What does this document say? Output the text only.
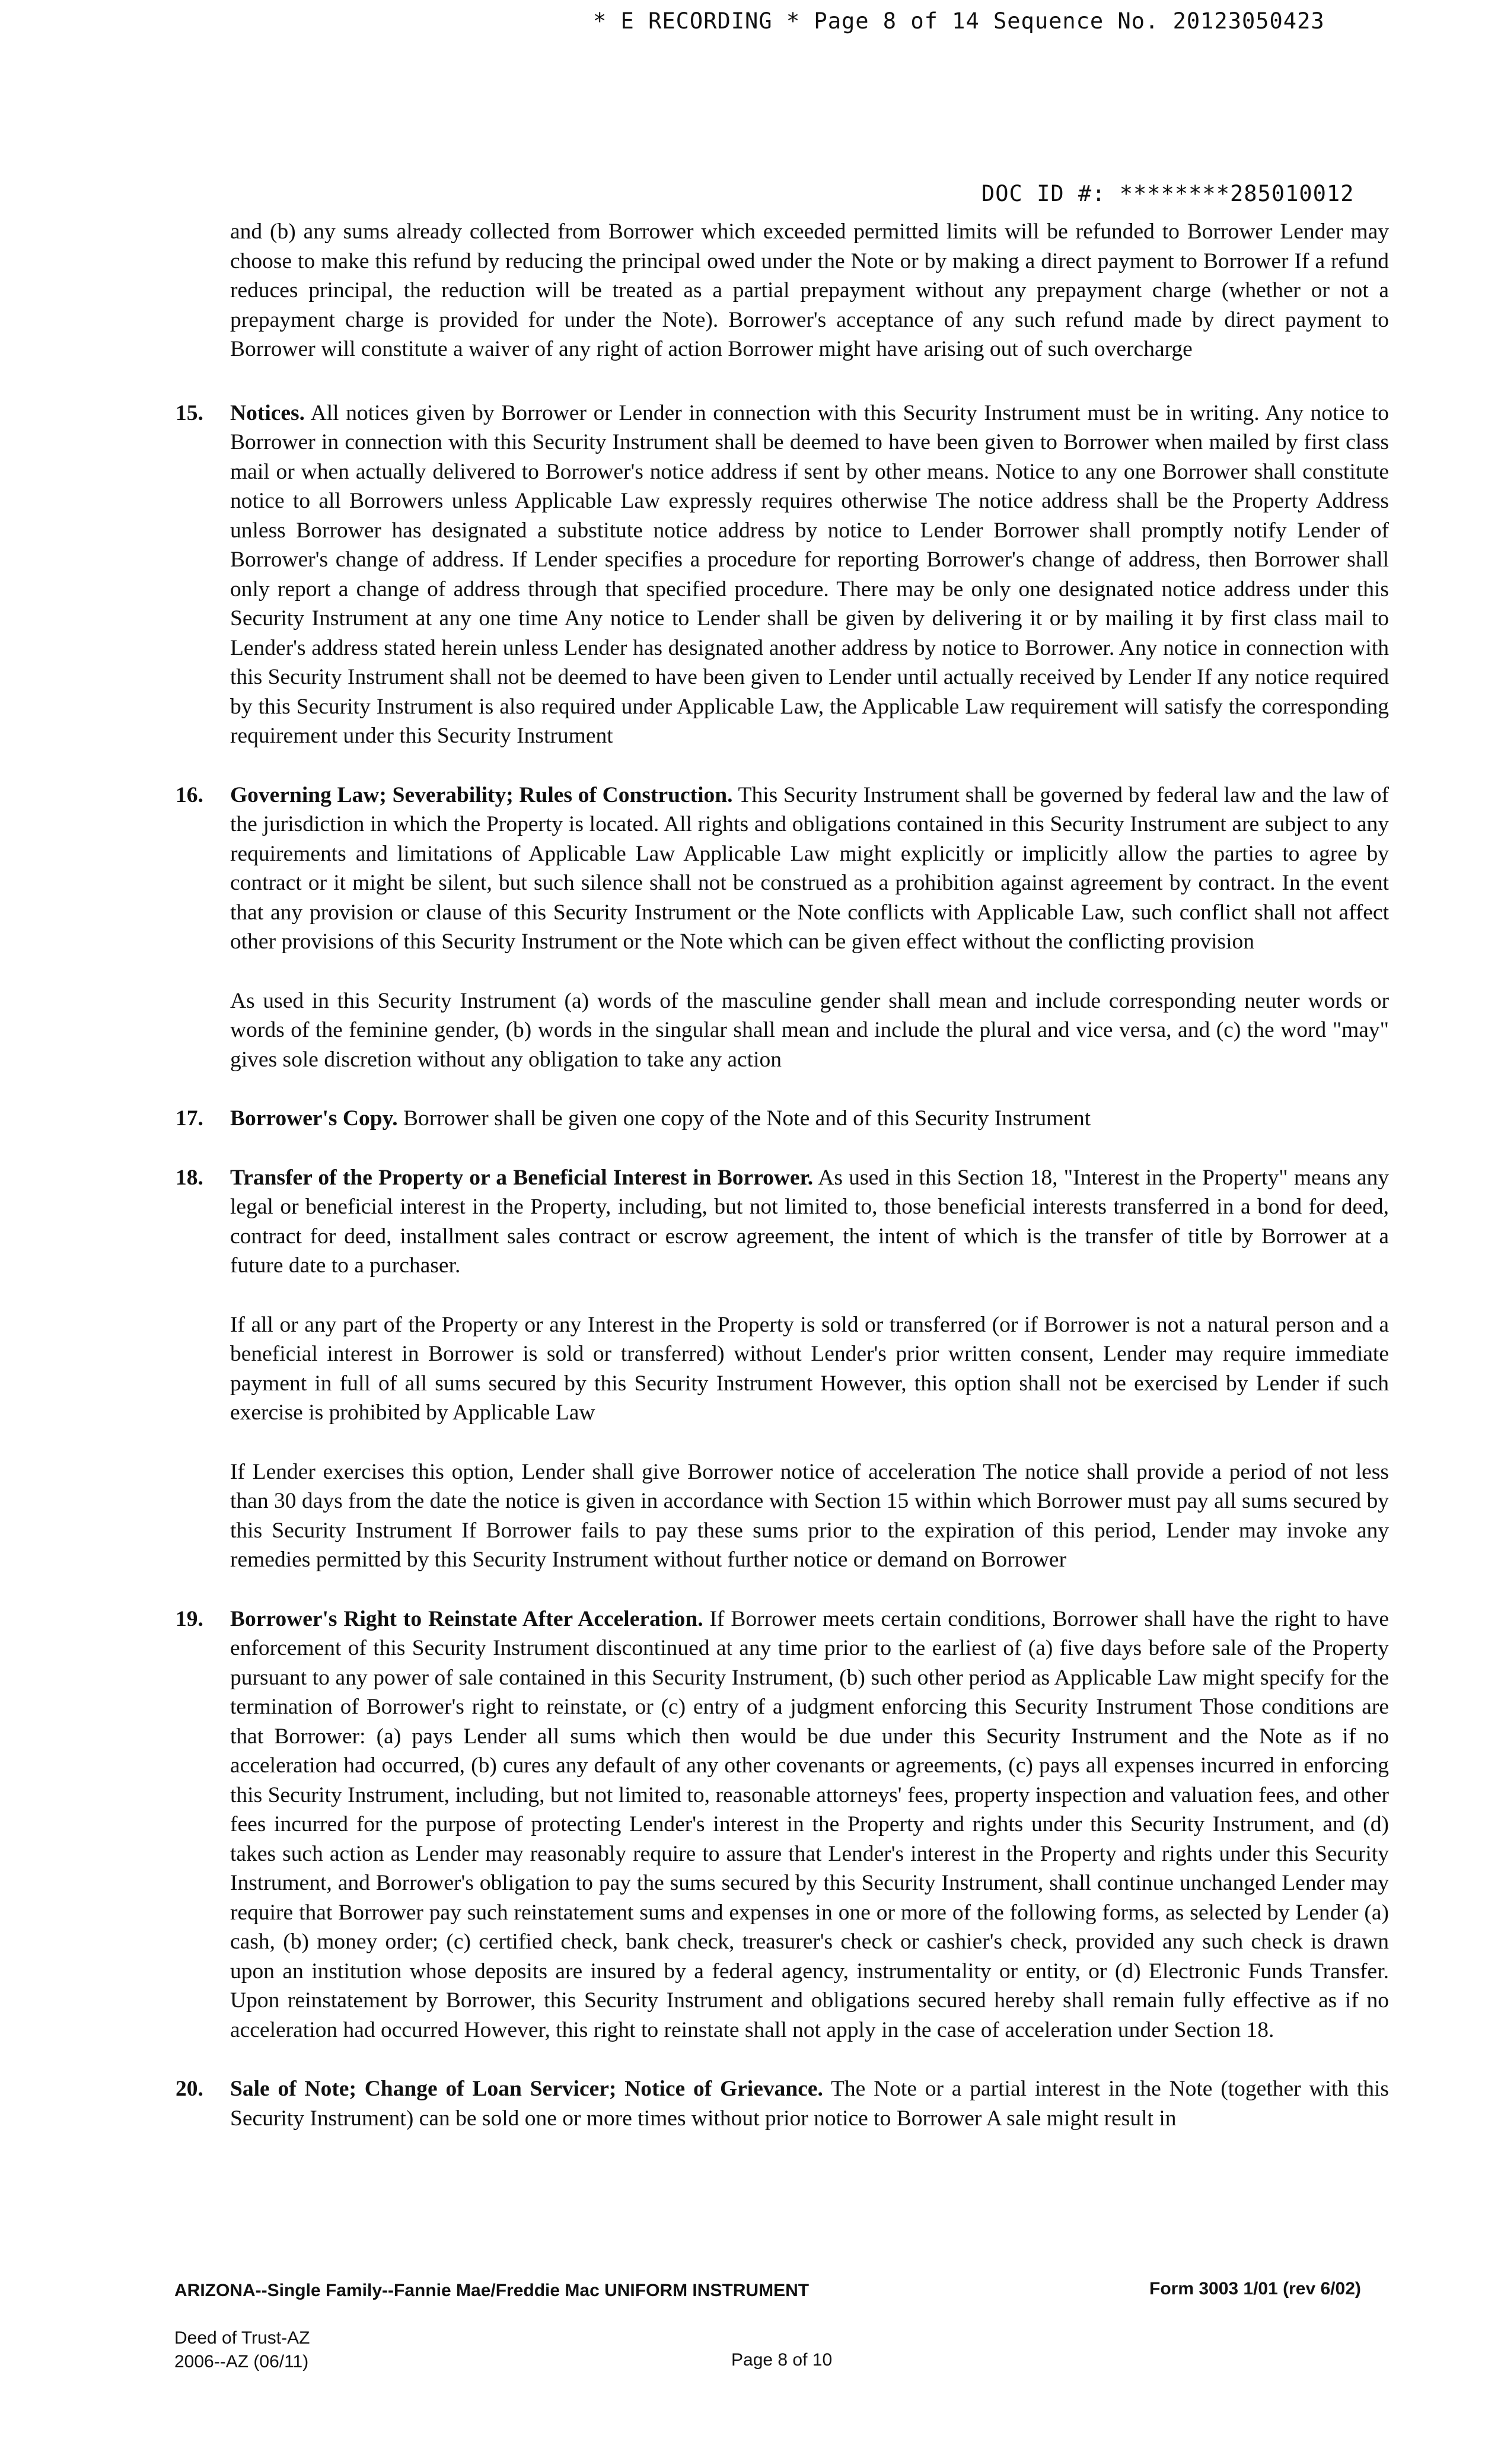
* E RECORDING * Page 8 of 14 Sequence No. 20123050423
DOC ID #: ********285010012

and (b) any sums already collected from Borrower which exceeded permitted limits will be refunded to Borrower Lender may choose to make this refund by reducing the principal owed under the Note or by making a direct payment to Borrower If a refund reduces principal, the reduction will be treated as a partial prepayment without any prepayment charge (whether or not a prepayment charge is provided for under the Note). Borrower's acceptance of any such refund made by direct payment to Borrower will constitute a waiver of any right of action Borrower might have arising out of such overcharge

15. Notices. All notices given by Borrower or Lender in connection with this Security Instrument must be in writing. Any notice to Borrower in connection with this Security Instrument shall be deemed to have been given to Borrower when mailed by first class mail or when actually delivered to Borrower's notice address if sent by other means. Notice to any one Borrower shall constitute notice to all Borrowers unless Applicable Law expressly requires otherwise The notice address shall be the Property Address unless Borrower has designated a substitute notice address by notice to Lender Borrower shall promptly notify Lender of Borrower's change of address. If Lender specifies a procedure for reporting Borrower's change of address, then Borrower shall only report a change of address through that specified procedure. There may be only one designated notice address under this Security Instrument at any one time Any notice to Lender shall be given by delivering it or by mailing it by first class mail to Lender's address stated herein unless Lender has designated another address by notice to Borrower. Any notice in connection with this Security Instrument shall not be deemed to have been given to Lender until actually received by Lender If any notice required by this Security Instrument is also required under Applicable Law, the Applicable Law requirement will satisfy the corresponding requirement under this Security Instrument

16. Governing Law; Severability; Rules of Construction. This Security Instrument shall be governed by federal law and the law of the jurisdiction in which the Property is located. All rights and obligations contained in this Security Instrument are subject to any requirements and limitations of Applicable Law Applicable Law might explicitly or implicitly allow the parties to agree by contract or it might be silent, but such silence shall not be construed as a prohibition against agreement by contract. In the event that any provision or clause of this Security Instrument or the Note conflicts with Applicable Law, such conflict shall not affect other provisions of this Security Instrument or the Note which can be given effect without the conflicting provision

As used in this Security Instrument (a) words of the masculine gender shall mean and include corresponding neuter words or words of the feminine gender, (b) words in the singular shall mean and include the plural and vice versa, and (c) the word "may" gives sole discretion without any obligation to take any action

17. Borrower's Copy. Borrower shall be given one copy of the Note and of this Security Instrument

18. Transfer of the Property or a Beneficial Interest in Borrower. As used in this Section 18, "Interest in the Property" means any legal or beneficial interest in the Property, including, but not limited to, those beneficial interests transferred in a bond for deed, contract for deed, installment sales contract or escrow agreement, the intent of which is the transfer of title by Borrower at a future date to a purchaser.

If all or any part of the Property or any Interest in the Property is sold or transferred (or if Borrower is not a natural person and a beneficial interest in Borrower is sold or transferred) without Lender's prior written consent, Lender may require immediate payment in full of all sums secured by this Security Instrument However, this option shall not be exercised by Lender if such exercise is prohibited by Applicable Law

If Lender exercises this option, Lender shall give Borrower notice of acceleration The notice shall provide a period of not less than 30 days from the date the notice is given in accordance with Section 15 within which Borrower must pay all sums secured by this Security Instrument If Borrower fails to pay these sums prior to the expiration of this period, Lender may invoke any remedies permitted by this Security Instrument without further notice or demand on Borrower

19. Borrower's Right to Reinstate After Acceleration. If Borrower meets certain conditions, Borrower shall have the right to have enforcement of this Security Instrument discontinued at any time prior to the earliest of (a) five days before sale of the Property pursuant to any power of sale contained in this Security Instrument, (b) such other period as Applicable Law might specify for the termination of Borrower's right to reinstate, or (c) entry of a judgment enforcing this Security Instrument Those conditions are that Borrower: (a) pays Lender all sums which then would be due under this Security Instrument and the Note as if no acceleration had occurred, (b) cures any default of any other covenants or agreements, (c) pays all expenses incurred in enforcing this Security Instrument, including, but not limited to, reasonable attorneys' fees, property inspection and valuation fees, and other fees incurred for the purpose of protecting Lender's interest in the Property and rights under this Security Instrument, and (d) takes such action as Lender may reasonably require to assure that Lender's interest in the Property and rights under this Security Instrument, and Borrower's obligation to pay the sums secured by this Security Instrument, shall continue unchanged Lender may require that Borrower pay such reinstatement sums and expenses in one or more of the following forms, as selected by Lender (a) cash, (b) money order; (c) certified check, bank check, treasurer's check or cashier's check, provided any such check is drawn upon an institution whose deposits are insured by a federal agency, instrumentality or entity, or (d) Electronic Funds Transfer. Upon reinstatement by Borrower, this Security Instrument and obligations secured hereby shall remain fully effective as if no acceleration had occurred However, this right to reinstate shall not apply in the case of acceleration under Section 18.

20. Sale of Note; Change of Loan Servicer; Notice of Grievance. The Note or a partial interest in the Note (together with this Security Instrument) can be sold one or more times without prior notice to Borrower A sale might result in

ARIZONA--Single Family--Fannie Mae/Freddie Mac UNIFORM INSTRUMENT
Deed of Trust-AZ
2006--AZ (06/11)
Form 3003 1/01 (rev 6/02)
Page 8 of 10
